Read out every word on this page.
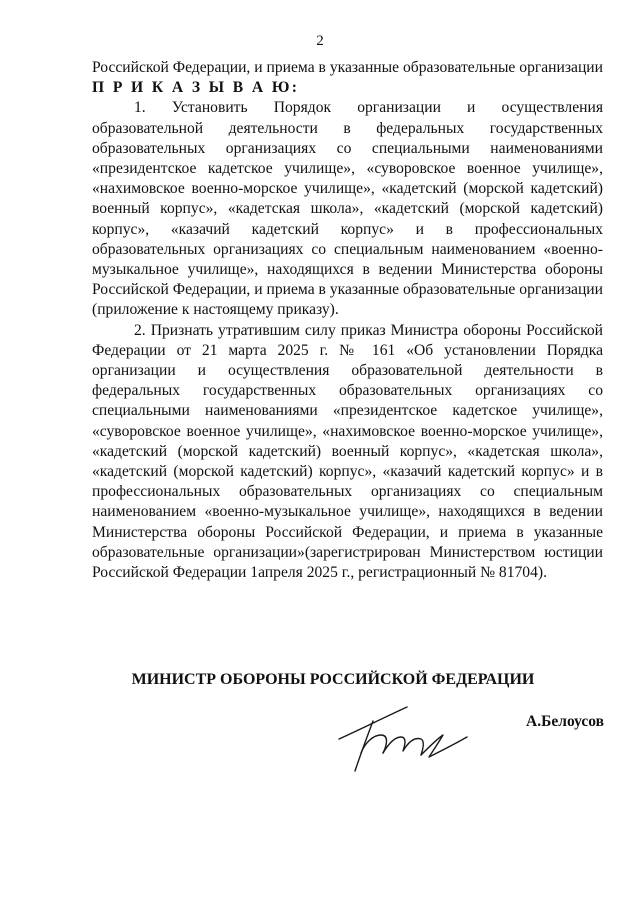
2

Российской Федерации, и приема в указанные образовательные организации П Р И К А З Ы В А Ю:

1. Установить Порядок организации и осуществления образовательной деятельности в федеральных государственных образовательных организациях со специальными наименованиями «президентское кадетское училище», «суворовское военное училище», «нахимовское военно-морское училище», «кадетский (морской кадетский) военный корпус», «кадетская школа», «кадетский (морской кадетский) корпус», «казачий кадетский корпус» и в профессиональных образовательных организациях со специальным наименованием «военно-музыкальное училище», находящихся в ведении Министерства обороны Российской Федерации, и приема в указанные образовательные организации (приложение к настоящему приказу).

2. Признать утратившим силу приказ Министра обороны Российской Федерации от 21 марта 2025 г. № 161 «Об установлении Порядка организации и осуществления образовательной деятельности в федеральных государственных образовательных организациях со специальными наименованиями «президентское кадетское училище», «суворовское военное училище», «нахимовское военно-морское училище», «кадетский (морской кадетский) военный корпус», «кадетская школа», «кадетский (морской кадетский) корпус», «казачий кадетский корпус» и в профессиональных образовательных организациях со специальным наименованием «военно-музыкальное училище», находящихся в ведении Министерства обороны Российской Федерации, и приема в указанные образовательные организации»(зарегистрирован Министерством юстиции Российской Федерации 1апреля 2025 г., регистрационный № 81704).

МИНИСТР ОБОРОНЫ РОССИЙСКОЙ ФЕДЕРАЦИИ
А.Белоусов
